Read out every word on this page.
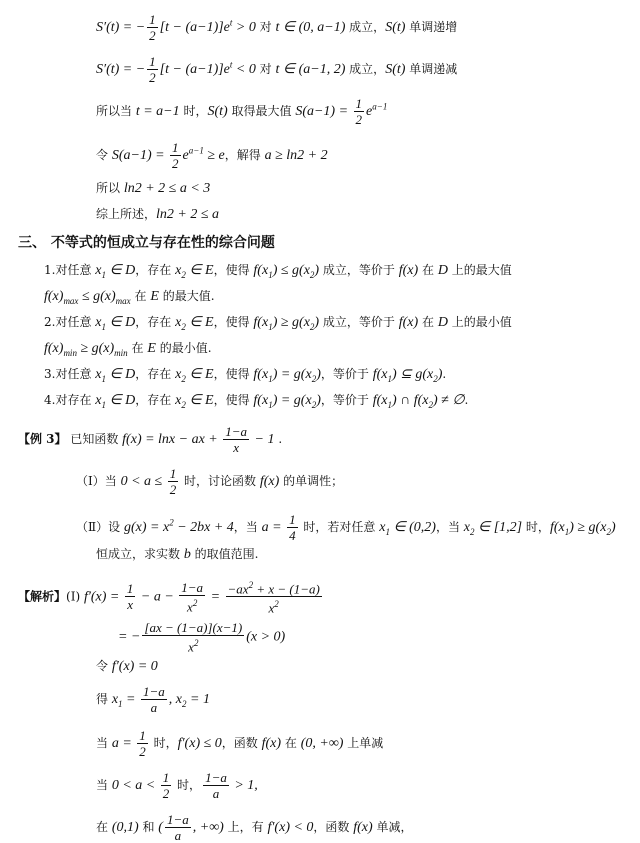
S′(t) = − $\frac{1}{2} [t - (a-1)]e^t > 0$ 对 t ∈ (0, a−1) 成立，S(t) 单调递增
S′(t) = − $\frac{1}{2} [t - (a-1)]e^t < 0$ 对 t ∈ (a−1, 2) 成立，S(t) 单调递减
所以当 t = a−1 时，S(t) 取得最大值 $S(a-1) = \frac{1}{2} e^{a-1}$
令 $S(a-1) = \frac{1}{2} e^{a-1} \ge e$，解得 a ≥ ln2 + 2
所以 ln2 + 2 ≤ a < 3
综上所述，ln2 + 2 ≤ a
三、 不等式的恒成立与存在性的综合问题
1.对任意 $x_1$ ∈ D，存在 $x_2$ ∈ E，使得 $f(x_1) \le g(x_2)$ 成立，等价于 f(x) 在 D 上的最大值
$f(x)_{max} \le g(x)_{max}$ 在 E 的最大值.
2.对任意 $x_1$ ∈ D，存在 $x_2$ ∈ E，使得 $f(x_1) \ge g(x_2)$ 成立，等价于 f(x) 在 D 上的最小值
$f(x)_{min} \ge g(x)_{min}$ 在 E 的最小值.
3.对任意 $x_1$ ∈ D，存在 $x_2$ ∈ E，使得 $f(x_1) = g(x_2)$，等价于 $f(x_1)$ ⊆ $g(x_2)$.
4.对存在 $x_1$ ∈ D，存在 $x_2$ ∈ E，使得 $f(x_1) = g(x_2)$，等价于 $f(x_1)$ ∩ $f(x_2)$ ≠ ∅.
【例 3】 已知函数 f(x) = lnx − ax + $\frac{1-a}{x} - 1$ .
（Ⅰ）当 $0 < a \le \frac{1}{2}$ 时，讨论函数 f(x) 的单调性；
（Ⅱ）设 $g(x) = x^2 - 2bx + 4$，当 $a = \frac{1}{4}$ 时，若对任意 $x_1$ ∈ (0,2)，当 $x_2$ ∈ [1,2] 时，$f(x_1) \ge g(x_2)$
恒成立，求实数 b 的取值范围.
【解析】(Ⅰ) $f'(x) = \frac{1}{x} - a - \frac{1-a}{x^2} = \frac{-ax^2 + x - (1-a)}{x^2}$
= − $\frac{[ax - (1-a)](x-1)}{x^2} (x > 0)$
令 f′(x) = 0
得 $x_1 = \frac{1-a}{a}$ , $x_2 = 1$
当 $a = \frac{1}{2}$ 时，f′(x) ≤ 0，函数 f(x) 在 (0, +∞) 上单减
当 $0 < a < \frac{1}{2}$ 时， $\frac{1-a}{a} > 1$,
在 (0,1) 和 ( $\frac{1-a}{a}$ , +∞) 上，有 f′(x) < 0，函数 f(x) 单减，
